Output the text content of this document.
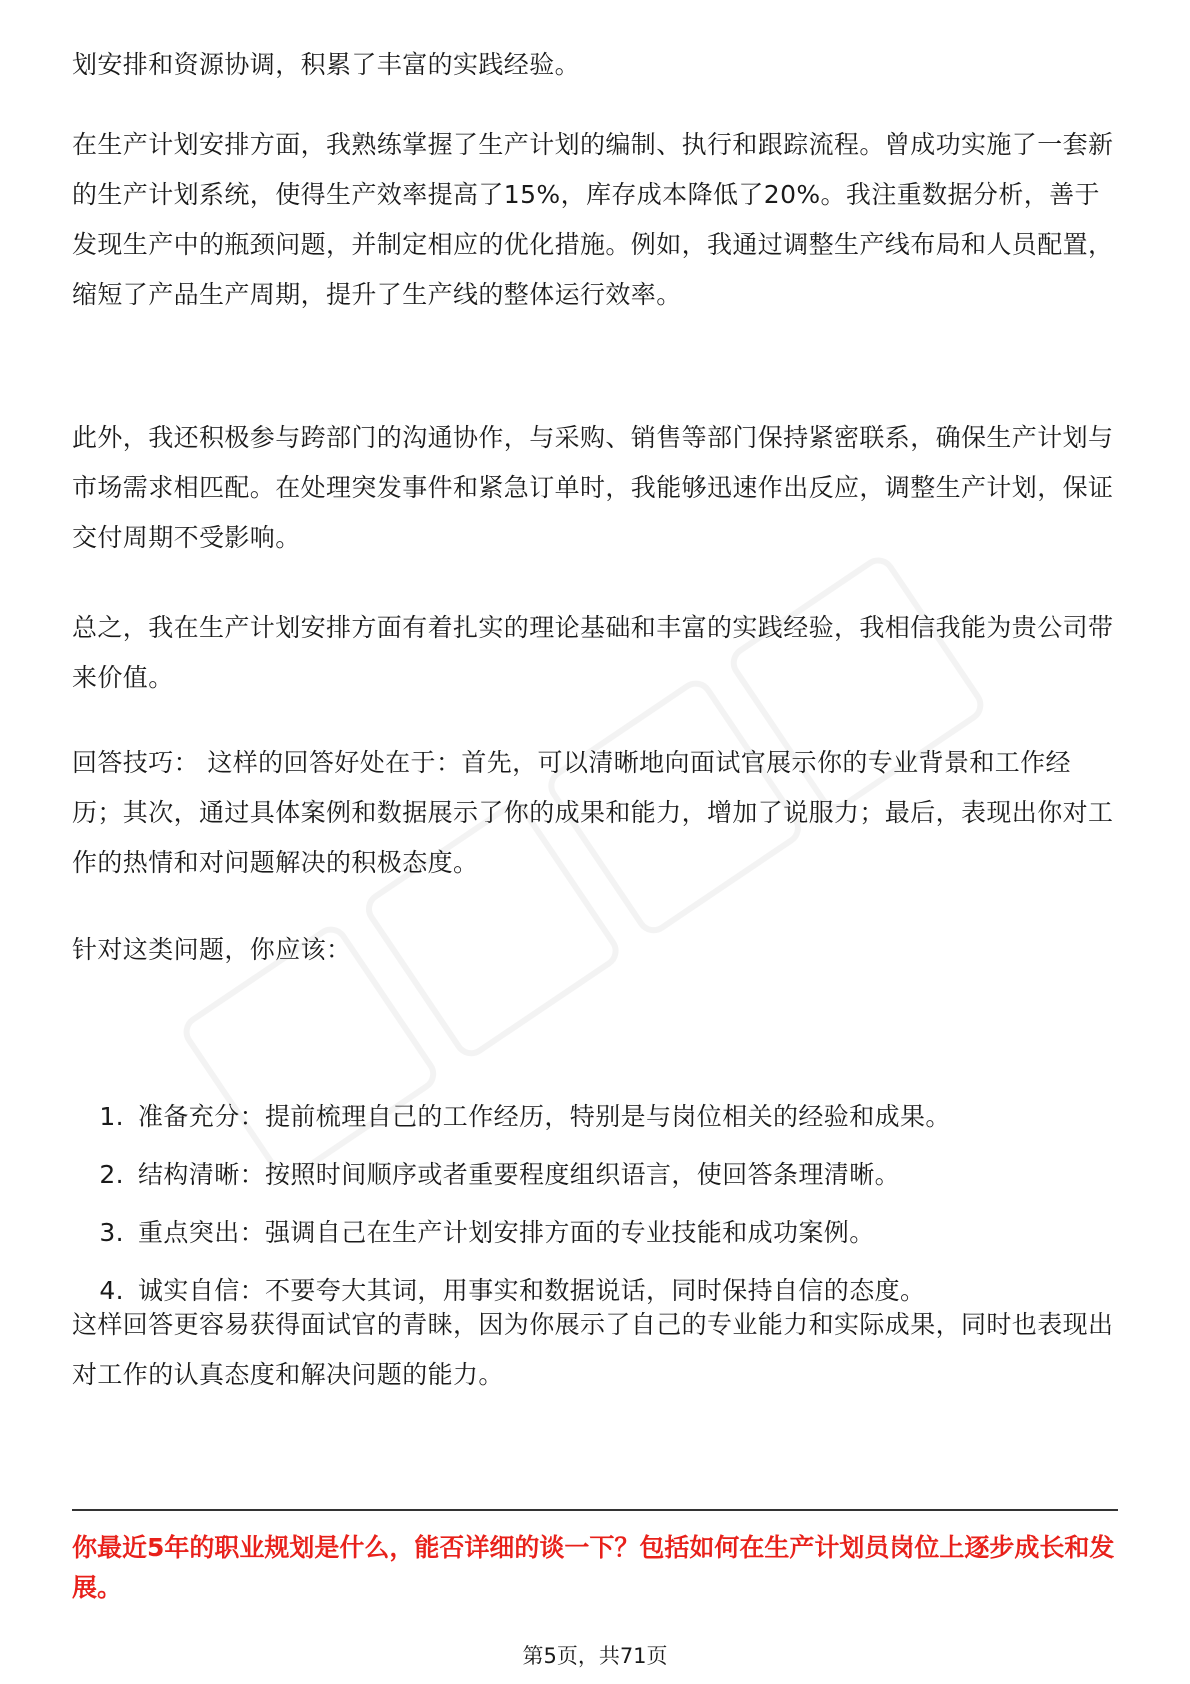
划安排和资源协调，积累了丰富的实践经验。

在生产计划安排方面，我熟练掌握了生产计划的编制、执行和跟踪流程。曾成功实施了一套新的生产计划系统，使得生产效率提高了15%，库存成本降低了20%。我注重数据分析，善于发现生产中的瓶颈问题，并制定相应的优化措施。例如，我通过调整生产线布局和人员配置，缩短了产品生产周期，提升了生产线的整体运行效率。

此外，我还积极参与跨部门的沟通协作，与采购、销售等部门保持紧密联系，确保生产计划与市场需求相匹配。在处理突发事件和紧急订单时，我能够迅速作出反应，调整生产计划，保证交付周期不受影响。

总之，我在生产计划安排方面有着扎实的理论基础和丰富的实践经验，我相信我能为贵公司带来价值。

回答技巧： 这样的回答好处在于：首先，可以清晰地向面试官展示你的专业背景和工作经历；其次，通过具体案例和数据展示了你的成果和能力，增加了说服力；最后，表现出你对工作的热情和对问题解决的积极态度。

针对这类问题，你应该：

1. 准备充分：提前梳理自己的工作经历，特别是与岗位相关的经验和成果。
2. 结构清晰：按照时间顺序或者重要程度组织语言，使回答条理清晰。
3. 重点突出：强调自己在生产计划安排方面的专业技能和成功案例。
4. 诚实自信：不要夸大其词，用事实和数据说话，同时保持自信的态度。

这样回答更容易获得面试官的青睐，因为你展示了自己的专业能力和实际成果，同时也表现出对工作的认真态度和解决问题的能力。

你最近5年的职业规划是什么，能否详细的谈一下？包括如何在生产计划员岗位上逐步成长和发展。

第5页，共71页
